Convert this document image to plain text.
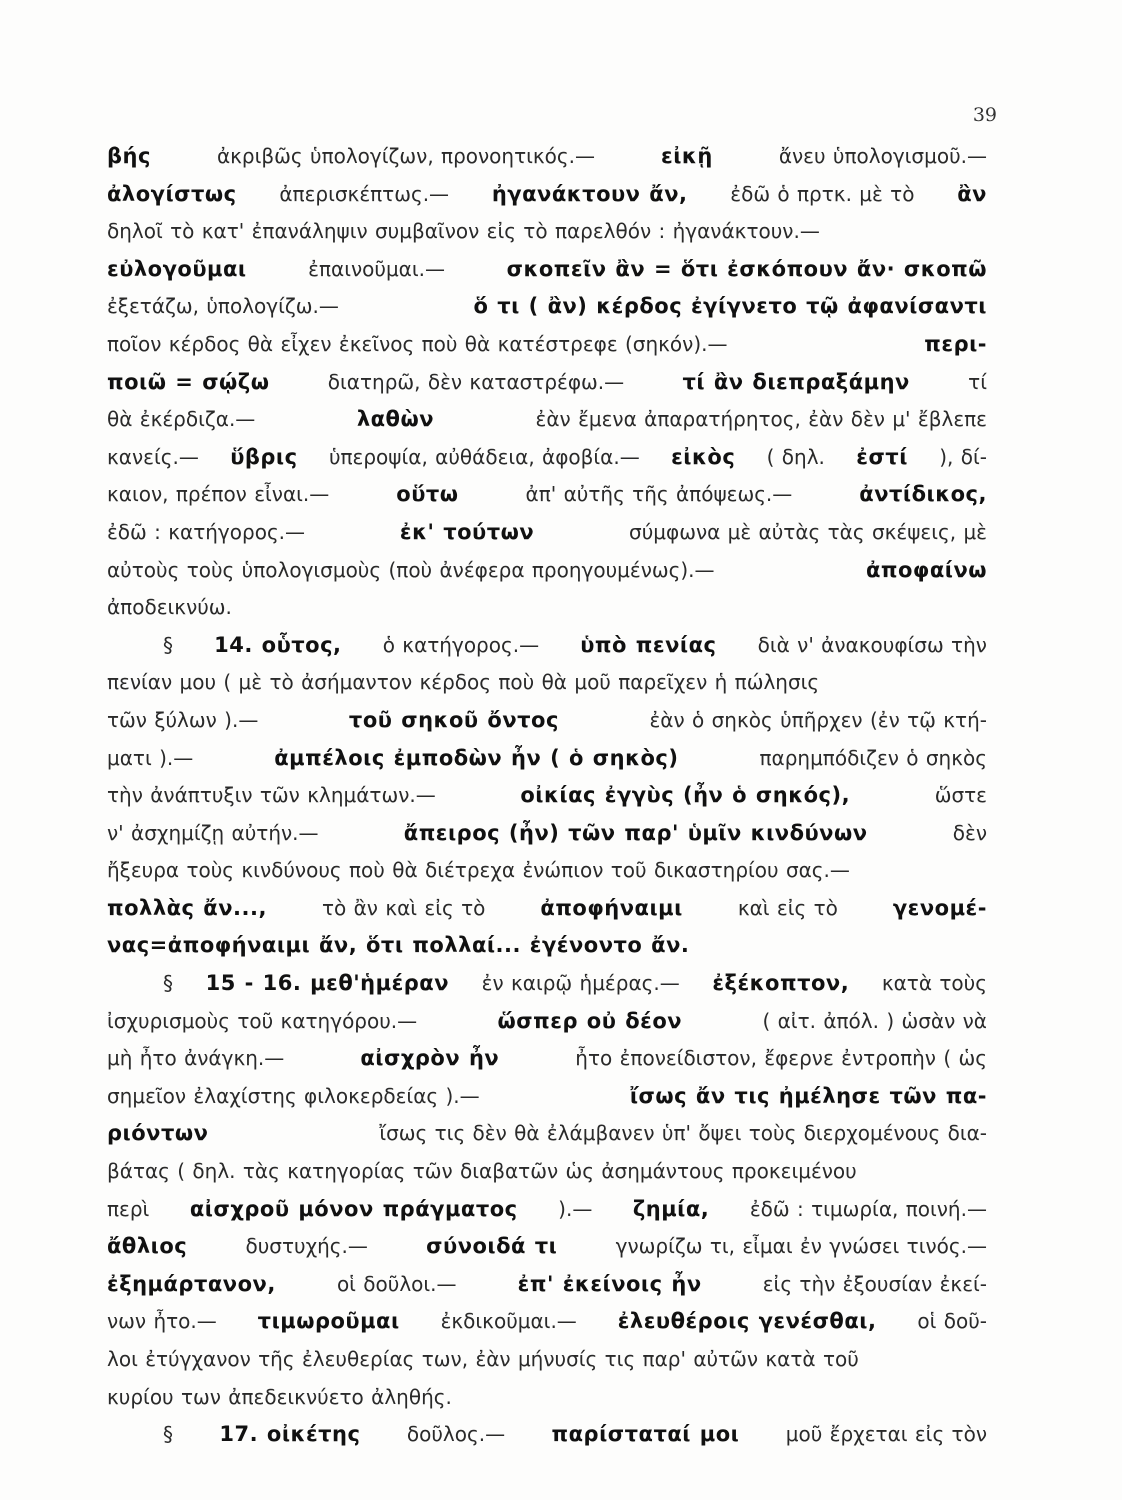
39
βής	ἀκριβῶς ὑπολογίζων, προνοητικός.—	εἰκῇ	ἄνευ ὑπολογισμοῦ.—
ἀλογίστως ἀπερισκέπτως.— ἠγανάκτουν ἄν, ἐδῶ ὁ πρτκ. μὲ τὸ ἂν
δηλοῖ τὸ κατ' ἐπανάληψιν συμβαῖνον εἰς τὸ παρελθόν : ἠγανάκτουν.—
εὐλογοῦμαι	ἐπαινοῦμαι.—	σκοπεῖν ἂν = ὅτι ἐσκόπουν ἄν· σκοπῶ
ἐξετάζω, ὑπολογίζω.—	ὅ τι ( ἂν) κέρδος ἐγίγνετο τῷ ἀφανίσαντι
ποῖον κέρδος θὰ εἶχεν ἐκεῖνος ποὺ θὰ κατέστρεφε (σηκόν).—	περι-
ποιῶ = σῴζω	διατηρῶ, δὲν καταστρέφω.—	τί ἂν διεπραξάμην	τί
θὰ ἐκέρδιζα.—	λαθὼν	ἐὰν ἔμενα ἀπαρατήρητος, ἐὰν δὲν μ' ἔβλεπε
κανείς.— ὕβρις ὑπεροψία, αὐθάδεια, ἀφοβία.— εἰκὸς ( δηλ. ἐστί ), δί-
καιον, πρέπον εἶναι.—	οὕτω	ἀπ' αὐτῆς τῆς ἀπόψεως.—	ἀντίδικος,
ἐδῶ : κατήγορος.—	ἐκ' τούτων	σύμφωνα μὲ αὐτὰς τὰς σκέψεις, μὲ
αὐτοὺς τοὺς ὑπολογισμοὺς (ποὺ ἀνέφερα προηγουμένως).—	ἀποφαίνω
ἀποδεικνύω.
§ 14. οὗτος, ὁ κατήγορος.— ὑπὸ πενίας διὰ ν' ἀνακουφίσω τὴν
πενίαν μου ( μὲ τὸ ἀσήμαντον κέρδος ποὺ θὰ μοῦ παρεῖχεν ἡ πώλησις
τῶν ξύλων ).—	τοῦ σηκοῦ ὄντος	ἐὰν ὁ σηκὸς ὑπῆρχεν (ἐν τῷ κτή-
ματι ).—	ἀμπέλοις ἐμποδὼν ἦν ( ὁ σηκὸς)	παρημπόδιζεν ὁ σηκὸς
τὴν ἀνάπτυξιν τῶν κλημάτων.—	οἰκίας ἐγγὺς (ἦν ὁ σηκός),	ὥστε
ν' ἀσχημίζῃ αὐτήν.—	ἄπειρος (ἦν) τῶν παρ' ὑμῖν κινδύνων	δὲν
ἤξευρα τοὺς κινδύνους ποὺ θὰ διέτρεχα ἐνώπιον τοῦ δικαστηρίου σας.—
πολλὰς ἄν...,	τὸ ἂν καὶ εἰς τὸ	ἀποφήναιμι	καὶ εἰς τὸ	γενομέ-
νας=ἀποφήναιμι ἄν, ὅτι πολλαί... ἐγένοντο ἄν.
§ 15 - 16. μεθ'ἡμέραν ἐν καιρῷ ἡμέρας.— ἐξέκοπτον, κατὰ τοὺς
ἰσχυρισμοὺς τοῦ κατηγόρου.—	ὥσπερ οὐ δέον	( αἰτ. ἀπόλ. ) ὡσὰν νὰ
μὴ ἦτο ἀνάγκη.—	αἰσχρὸν ἦν	ἦτο ἐπονείδιστον, ἔφερνε ἐντροπὴν ( ὡς
σημεῖον ἐλαχίστης φιλοκερδείας ).—	ἴσως ἄν τις ἠμέλησε τῶν πα-
ριόντων	ἴσως τις δὲν θὰ ἐλάμβανεν ὑπ' ὄψει τοὺς διερχομένους δια-
βάτας ( δηλ. τὰς κατηγορίας τῶν διαβατῶν ὡς ἀσημάντους προκειμένου
περὶ αἰσχροῦ μόνον πράγματος ).— ζημία, ἐδῶ : τιμωρία, ποινή.—
ἄθλιος	δυστυχής.—	σύνοιδά τι	γνωρίζω τι, εἶμαι ἐν γνώσει τινός.—
ἐξημάρτανον,	οἱ δοῦλοι.—	ἐπ' ἐκείνοις ἦν	εἰς τὴν ἐξουσίαν ἐκεί-
νων ἦτο.— τιμωροῦμαι ἐκδικοῦμαι.— ἐλευθέροις γενέσθαι, οἱ δοῦ-
λοι ἐτύγχανον τῆς ἐλευθερίας των, ἐὰν μήνυσίς τις παρ' αὐτῶν κατὰ τοῦ
κυρίου των ἀπεδεικνύετο ἀληθής.
§ 17. οἰκέτης δοῦλος.— παρίσταταί μοι μοῦ ἔρχεται εἰς τὸν
